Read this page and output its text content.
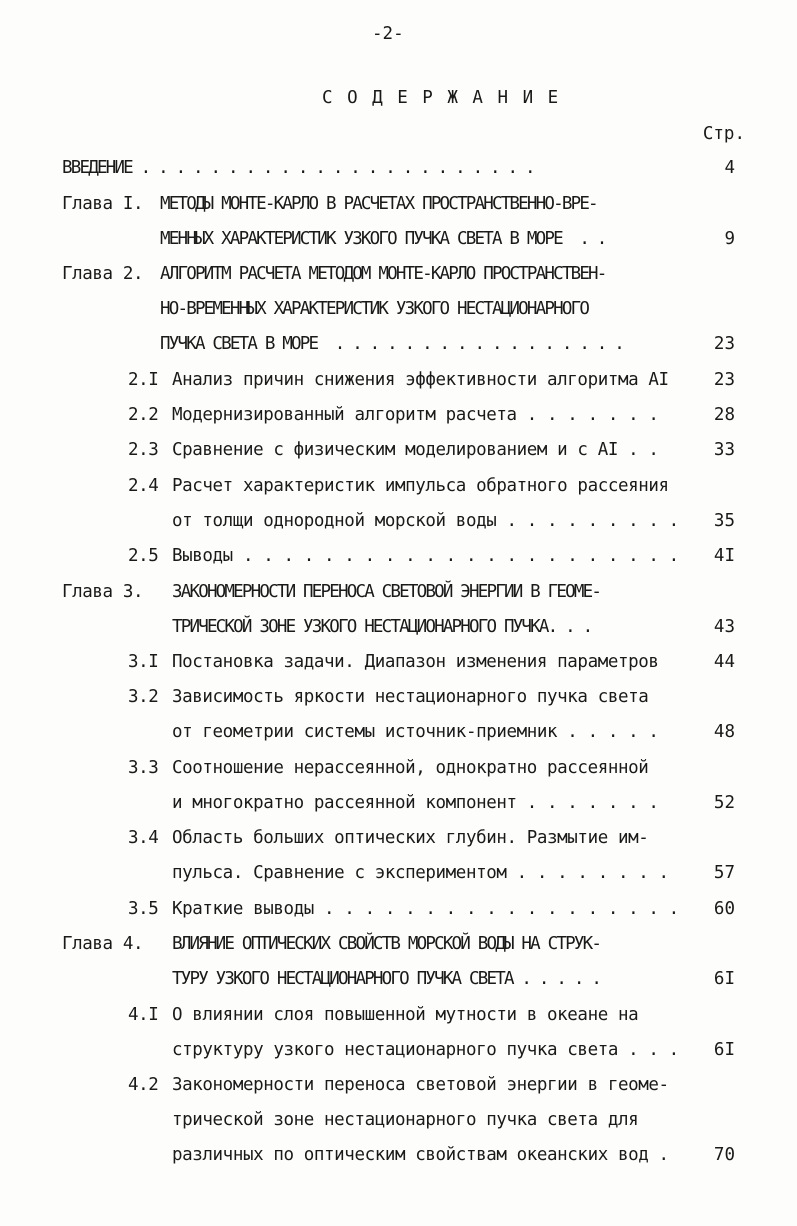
-2-
С О Д Е Р Ж А Н И Е
Стр.
ВВЕДЕНИЕ . . . . . . . . . . . . . . . . . . . . . . .	4
Глава I. МЕТОДЫ МОНТЕ-КАРЛО В РАСЧЕТАХ ПРОСТРАНСТВЕННО-ВРЕ-
МЕННЫХ ХАРАКТЕРИСТИК УЗКОГО ПУЧКА СВЕТА В МОРЕ  . .	9
Глава 2. АЛГОРИТМ РАСЧЕТА МЕТОДОМ МОНТЕ-КАРЛО ПРОСТРАНСТВЕН-
НО-ВРЕМЕННЫХ ХАРАКТЕРИСТИК УЗКОГО НЕСТАЦИОНАРНОГО
ПУЧКА СВЕТА В МОРЕ  . . . . . . . . . . . . . . . . .	23
2.I Анализ причин снижения эффективности алгоритма AI	23
2.2 Модернизированный алгоритм расчета . . . . . . .	28
2.3 Сравнение с физическим моделированием и с AI . .	33
2.4 Расчет характеристик импульса обратного рассеяния
от толщи однородной морской воды . . . . . . . . . 35
2.5 Выводы . . . . . . . . . . . . . . . . . . . . . . 4I
Глава 3. ЗАКОНОМЕРНОСТИ ПЕРЕНОСА СВЕТОВОЙ ЭНЕРГИИ В ГЕОМЕ-
ТРИЧЕСКОЙ ЗОНЕ УЗКОГО НЕСТАЦИОНАРНОГО ПУЧКА. . .	43
3.I Постановка задачи. Диапазон изменения параметров	44
3.2 Зависимость яркости нестационарного пучка света
от геометрии системы источник-приемник . . . . .	48
3.3 Соотношение нерассеянной, однократно рассеянной
и многократно рассеянной компонент . . . . . . .	52
3.4 Область больших оптических глубин. Размытие им-
пульса. Сравнение с экспериментом . . . . . . . .	57
3.5 Краткие выводы . . . . . . . . . . . . . . . . . . 60
Глава 4. ВЛИЯНИЕ ОПТИЧЕСКИХ СВОЙСТВ МОРСКОЙ ВОДЫ НА СТРУК-
ТУРУ УЗКОГО НЕСТАЦИОНАРНОГО ПУЧКА СВЕТА . . . . .	6I
4.I О влиянии слоя повышенной мутности в океане на
структуру узкого нестационарного пучка света . . . 6I
4.2 Закономерности переноса световой энергии в геоме-
трической зоне нестационарного пучка света для
различных по оптическим свойствам океанских вод .	70
